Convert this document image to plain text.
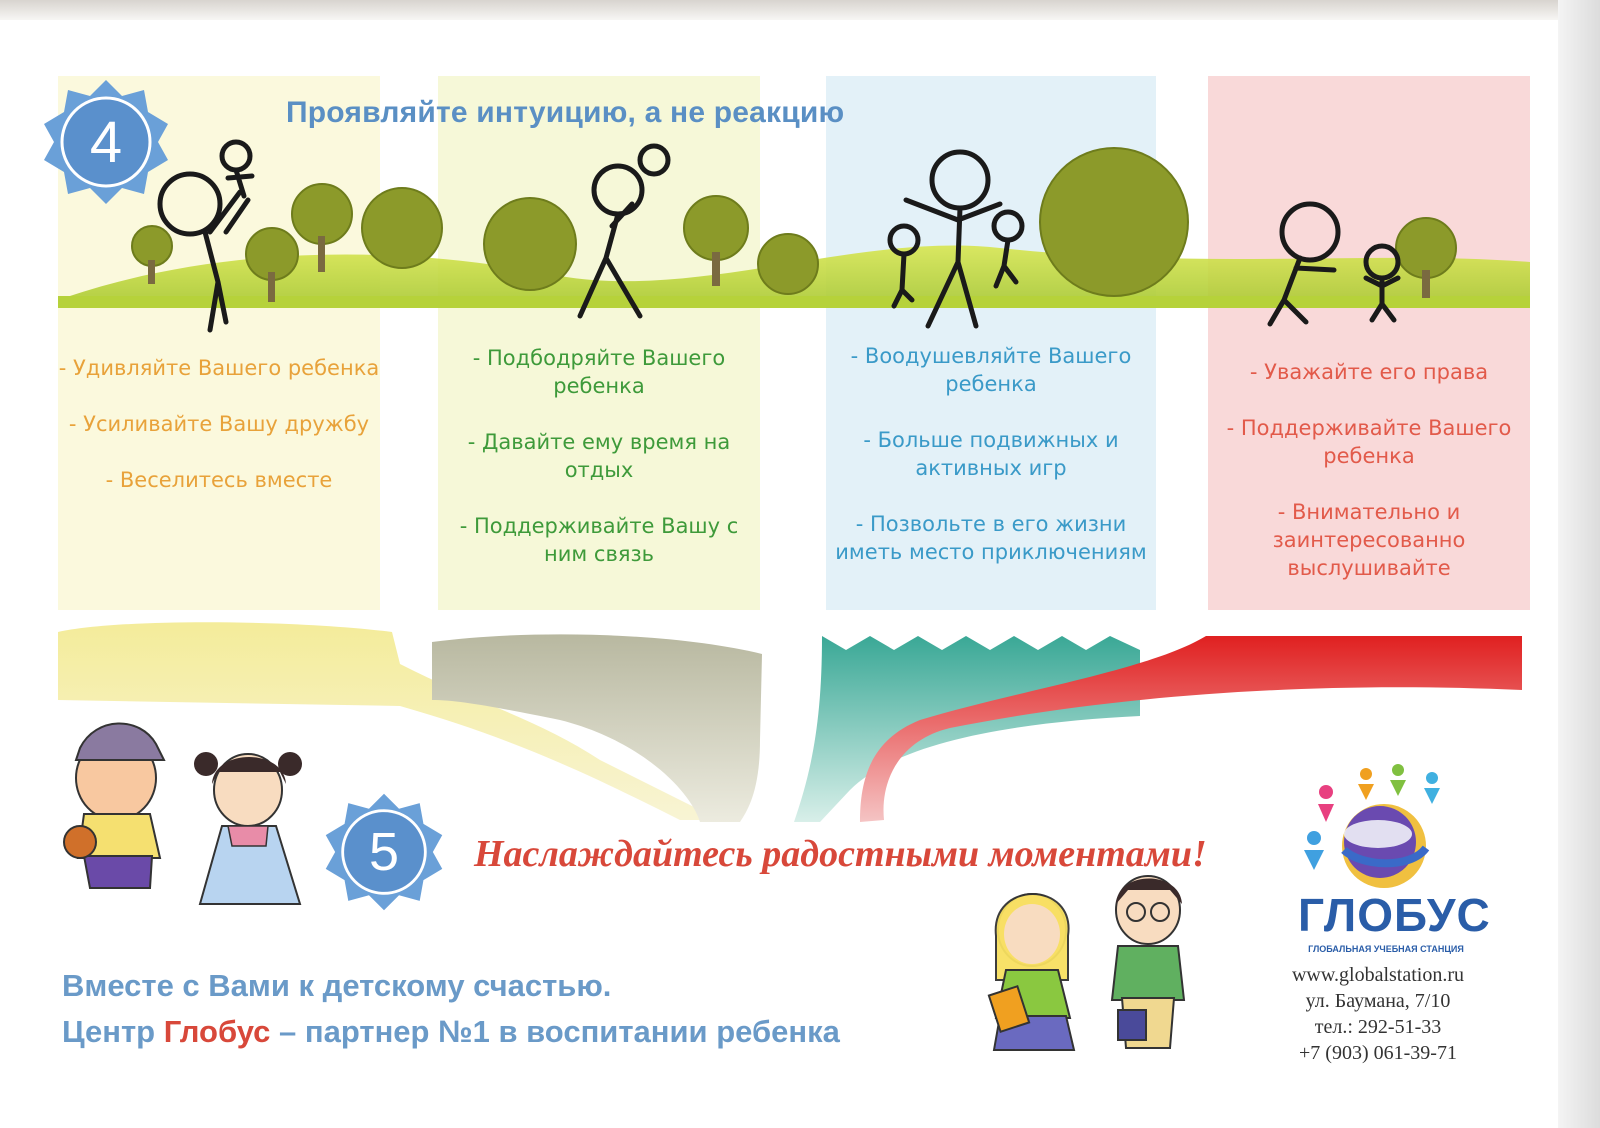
4	Проявляйте интуицию, а не реакцию

- Удивляйте Вашего ребенка

- Усиливайте Вашу дружбу

- Веселитесь вместе

- Подбодряйте Вашего ребенка

- Давайте ему время на отдых

- Поддерживайте Вашу с ним связь

- Воодушевляйте Вашего ребенка

- Больше подвижных и активных игр

- Позвольте в его жизни иметь место приключениям

- Уважайте его права

- Поддерживайте Вашего ребенка

- Внимательно и заинтересованно выслушивайте

5	Наслаждайтесь радостными моментами!
Вместе с Вами к детскому счастью.
Центр Глобус – партнер №1 в воспитании ребенка
ГЛОБУС
ГЛОБАЛЬНАЯ УЧЕБНАЯ СТАНЦИЯ
www.globalstation.ru
ул. Баумана, 7/10
тел.: 292-51-33
+7 (903) 061-39-71
